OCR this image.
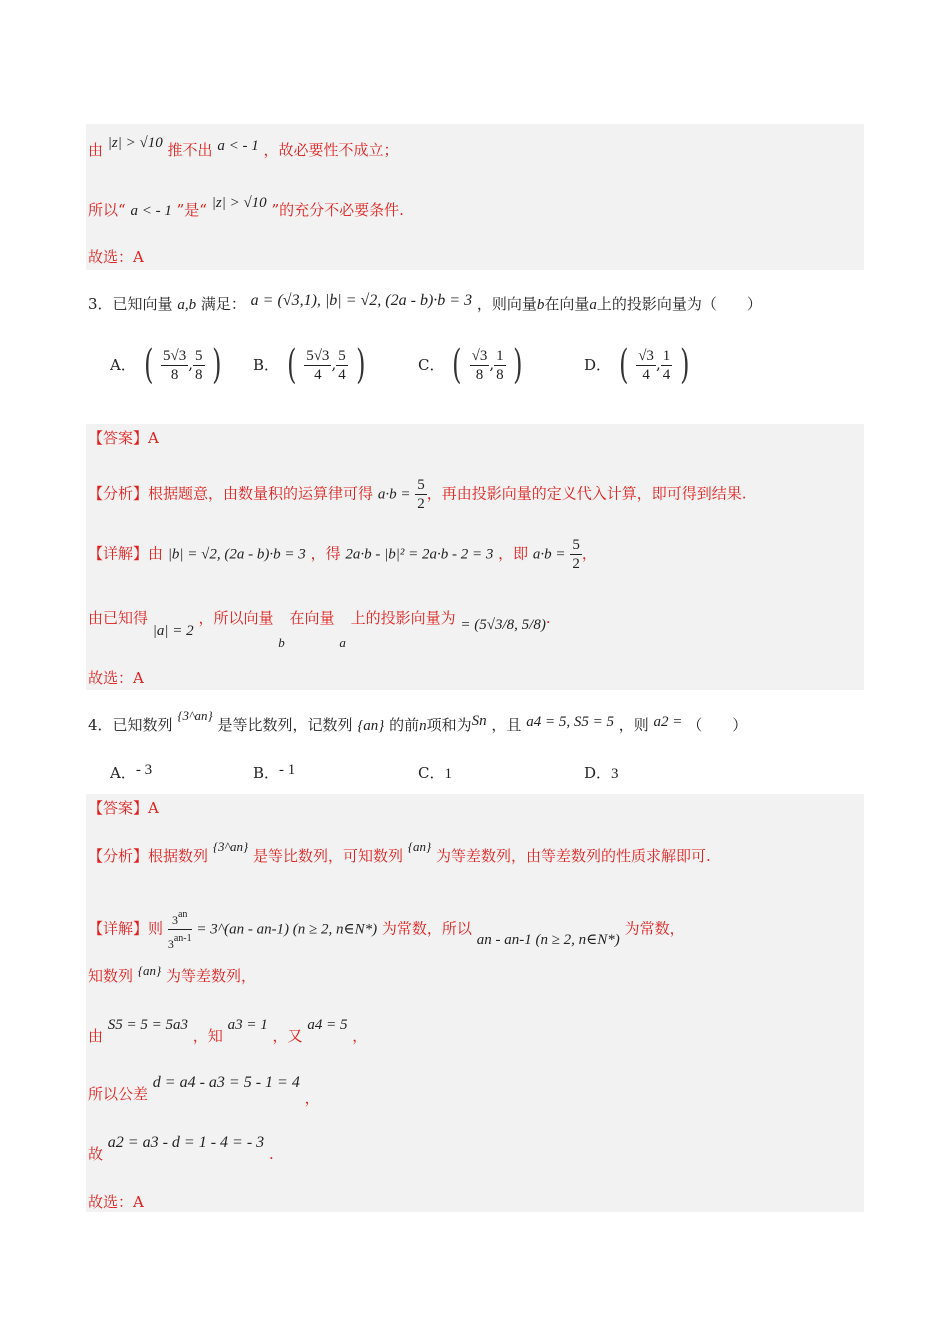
由 |z| > √10 推不出 a < - 1 ，故必要性不成立；
所以“ a < - 1 ”是“ |z| > √10 ”的充分不必要条件.
故选：A
3．已知向量 a,b 满足： a = (√3,1), |b| = √2, (2a - b)·b = 3 ，则向量b在向量a上的投影向量为（　　）
A． ( $\frac{5√3}{8}$ , $\frac{5}{8}$ ) B． ( $\frac{5√3}{4}$ , $\frac{5}{4}$ )	C． ( $\frac{√3}{8}$ , $\frac{1}{8}$ )	D． ( $\frac{√3}{4}$ , $\frac{1}{4}$ )
【答案】A
【分析】根据题意，由数量积的运算律可得 $a\cdot b = \frac{5}{2}$ ，再由投影向量的定义代入计算，即可得到结果.
【详解】由 |b| = √2, (2a - b)·b = 3 ，得 2a·b - |b|² = 2a·b - 2 = 3 ，即 $a\cdot b = \frac{5}{2}$ ，
由已知得 |a| = 2 ，所以向量 b 在向量 a 上的投影向量为 = (5√3/8, 5/8).
故选：A
4．已知数列 {3^an} 是等比数列，记数列 {an} 的前n项和为Sn ，且 a4 = 5, S5 = 5 ，则 a2 = （　　）
A．- 3	B．- 1	C．1	D．3
【答案】A
【分析】根据数列 {3^an} 是等比数列，可知数列 {an} 为等差数列，由等差数列的性质求解即可.
【详解】则 $\frac{3^{an}}{3^{an-1}}$ = 3^(an - an-1) (n ≥ 2, n∈N*) 为常数，所以 an - an-1 (n ≥ 2, n∈N*) 为常数，
知数列 {an} 为等差数列，
由 S5 = 5 = 5a3 ，知 a3 = 1 ，又 a4 = 5 ，
所以公差 d = a4 - a3 = 5 - 1 = 4 ，
故 a2 = a3 - d = 1 - 4 = - 3 .
故选：A
